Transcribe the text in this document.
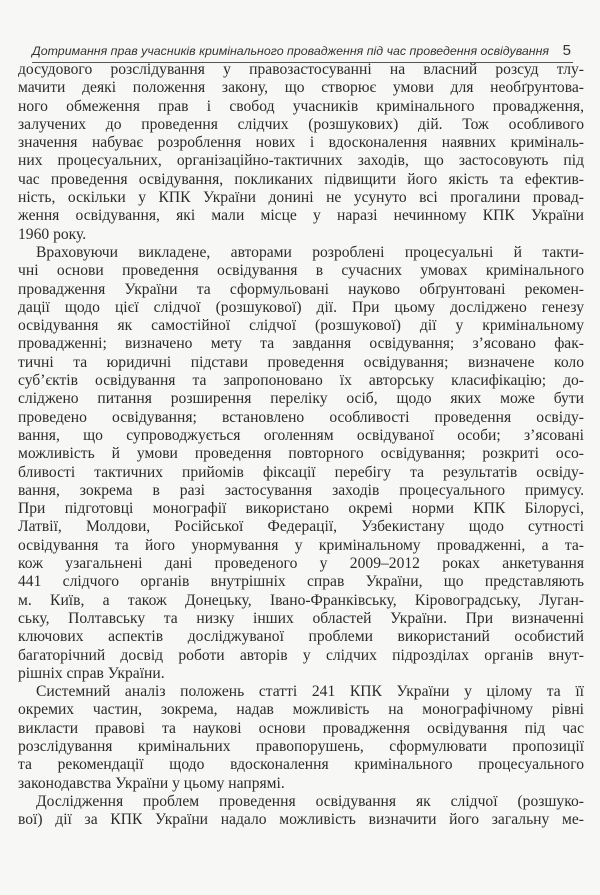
Дотримання прав учасників кримінального провадження під час проведення освідування 5
досудового розслідування у правозастосуванні на власний розсуд тлу-
мачити деякі положення закону, що створює умови для необґрунтова-
ного обмеження прав і свобод учасників кримінального провадження,
залучених до проведення слідчих (розшукових) дій. Тож особливого
значення набуває розроблення нових і вдосконалення наявних криміналь-
них процесуальних, організаційно-тактичних заходів, що застосовують під
час проведення освідування, покликаних підвищити його якість та ефектив-
ність, оскільки у КПК України донині не усунуто всі прогалини провад-
ження освідування, які мали місце у наразі нечинному КПК України
1960 року.
Враховуючи викладене, авторами розроблені процесуальні й такти-
чні основи проведення освідування в сучасних умовах кримінального
провадження України та сформульовані науково обґрунтовані рекомен-
дації щодо цієї слідчої (розшукової) дії. При цьому досліджено генезу
освідування як самостійної слідчої (розшукової) дії у кримінальному
провадженні; визначено мету та завдання освідування; з’ясовано фак-
тичні та юридичні підстави проведення освідування; визначене коло
суб’єктів освідування та запропоновано їх авторську класифікацію; до-
сліджено питання розширення переліку осіб, щодо яких може бути
проведено освідування; встановлено особливості проведення освіду-
вання, що супроводжується оголенням освідуваної особи; з’ясовані
можливість й умови проведення повторного освідування; розкриті осо-
бливості тактичних прийомів фіксації перебігу та результатів освіду-
вання, зокрема в разі застосування заходів процесуального примусу.
При підготовці монографії використано окремі норми КПК Білорусі,
Латвії, Молдови, Російської Федерації, Узбекистану щодо сутності
освідування та його унормування у кримінальному провадженні, а та-
кож узагальнені дані проведеного у 2009–2012 роках анкетування
441 слідчого органів внутрішніх справ України, що представляють
м. Київ, а також Донецьку, Івано-Франківську, Кіровоградську, Луган-
ську, Полтавську та низку інших областей України. При визначенні
ключових аспектів досліджуваної проблеми використаний особистий
багаторічний досвід роботи авторів у слідчих підрозділах органів внут-
рішніх справ України.
Системний аналіз положень статті 241 КПК України у цілому та її
окремих частин, зокрема, надав можливість на монографічному рівні
викласти правові та наукові основи провадження освідування під час
розслідування кримінальних правопорушень, сформулювати пропозиції
та рекомендації щодо вдосконалення кримінального процесуального
законодавства України у цьому напрямі.
Дослідження проблем проведення освідування як слідчої (розшуко-
вої) дії за КПК України надало можливість визначити його загальну ме-
